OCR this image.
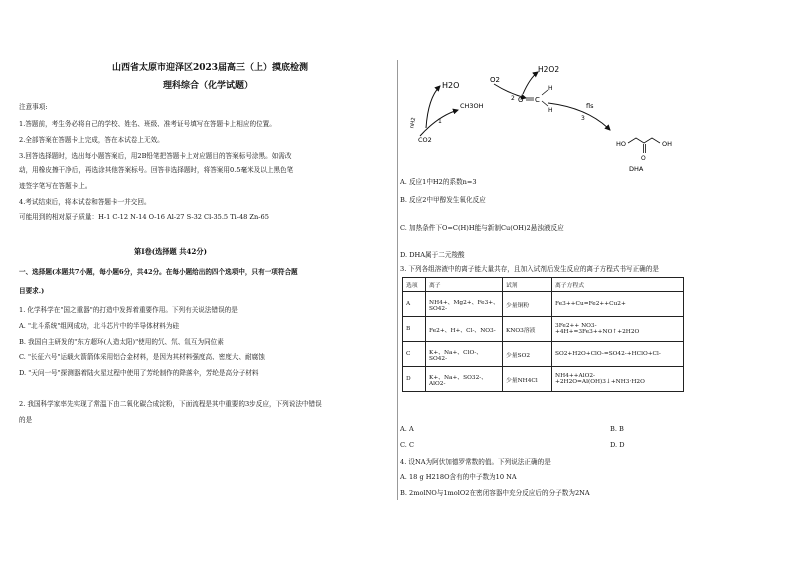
山西省太原市迎泽区2023届高三（上）摸底检测
理科综合（化学试题）
注意事项:
1.答题前，考生务必将自己的学校、姓名、班级、准考证号填写在答题卡上相应的位置。
2.全部答案在答题卡上完成，答在本试卷上无效。
3.回答选择题时，选出每小题答案后，用2B铅笔把答题卡上对应题目的答案标号涂黑。如需改
动，用橡皮擦干净后，再选涂其他答案标号。回答非选择题时，将答案用0.5毫米及以上黑色笔
迹签字笔写在答题卡上。
4.考试结束后，将本试卷和答题卡一并交回。
可能用到的相对原子质量：H-1 C-12 N-14 O-16 Al-27 S-32 Cl-35.5 Ti-48 Zn-65
第Ⅰ卷(选择题 共42分)
一、选择题(本题共7小题，每小题6分，共42分。在每小题给出的四个选项中，只有一项符合题
目要求.)
1. 化学科学在"国之重器"的打造中发挥着重要作用。下列有关说法错误的是
A. "北斗系统"组网成功，北斗芯片中的半导体材料为硅
B. 我国自主研发的"东方超环(人造太阳)"使用的氕、氘、氚互为同位素
C. "长征六号"运载火箭箭体采用铝合金材料，是因为其材料强度高、密度大、耐腐蚀
D. "天问一号"探测器着陆火星过程中使用了芳纶制作的降落伞，芳纶是高分子材料
2. 我国科学家率先实现了常温下由二氧化碳合成淀粉，下面流程是其中重要的3步反应，下列说法中错误
的是
H2O
nH2	1
CO2
CH3OH
O2
2
H2O2
O C
H
H
fls
3
HO
O
OH
DHA
A. 反应1中H2的系数n=3
B. 反应2中甲醇发生氧化反应
C. 加热条件下O=C(H)H能与新制Cu(OH)2悬浊液反应
D. DHA属于二元羧酸
3. 下列各组溶液中的离子能大量共存，且加入试剂后发生反应的离子方程式书写正确的是
A. A	B. B
C. C	D. D
4. 设NA为阿伏加德罗常数的值。下列说法正确的是
A. 18 g H218O含有的中子数为10 NA
B. 2molNO与1molO2在密闭容器中充分反应后的分子数为2NA
选项	离子	试剂	离子方程式
A	NH4+、Mg2+、Fe3+、SO42-	少量铜粉	Fe3++Cu=Fe2++Cu2+
B	Fe2+、H+、Cl-、NO3-	KNO3溶液	3Fe2++ NO3-+4H+=3Fe3++NO↑+2H2O
C	K+、Na+、ClO-、SO42-	少量SO2	SO2+H2O+ClO-=SO42-+HClO+Cl-
D	K+、Na+、SO32-、AlO2-	少量NH4Cl	NH4++AlO2-+2H2O=Al(OH)3↓+NH3·H2O
